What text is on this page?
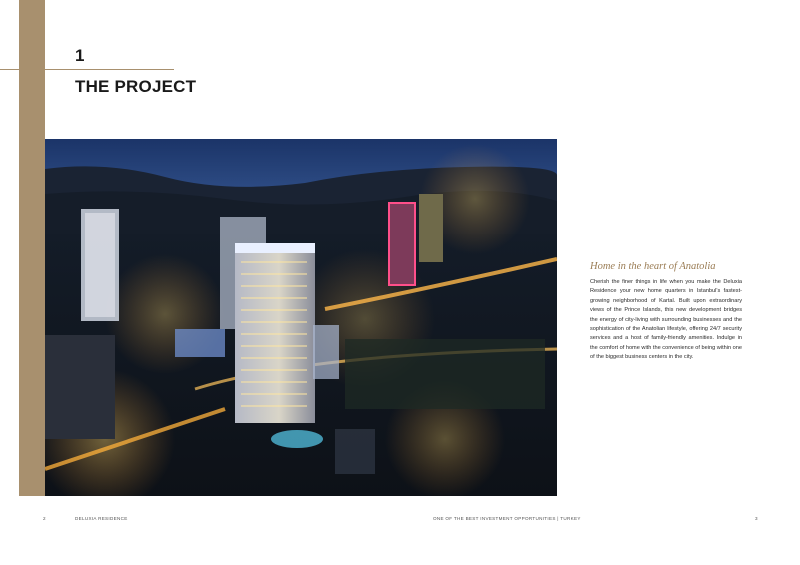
1
THE PROJECT
Home in the heart of Anatolia
Cherish the finer things in life when you make the Deluxia Residence your new home quarters in Istanbul's fastest-growing neighborhood of Kartal. Built upon extraordinary views of the Prince Islands, this new development bridges the energy of city-living with surrounding businesses and the sophistication of the Anatolian lifestyle, offering 24/7 security services and a host of family-friendly amenities. Indulge in the comfort of home with the convenience of being within one of the biggest business centers in the city.
2	DELUXIA RESIDENCE	ONE OF THE BEST INVESTMENT OPPORTUNITIES | TURKEY	3
